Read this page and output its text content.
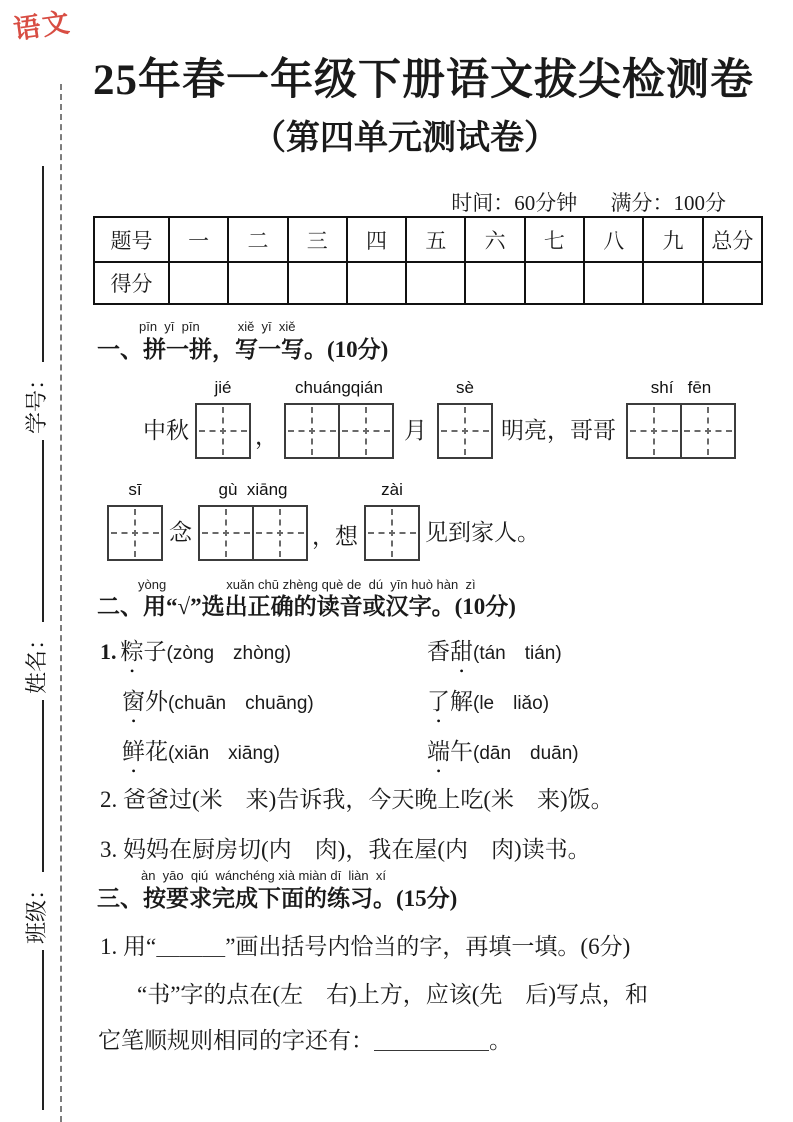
语文
班级：姓名：学号：
25年春一年级下册语文拔尖检测卷
（第四单元测试卷）
时间：60分钟 满分：100分
题号	一	二	三	四	五	六	七	八	九	总分
得分										
pīn  yī  pīn	xiě  yī  xiě
一、拼一拼，写一写。(10分)
中秋
jié
，
chuángqián
月
sè
明亮，哥哥
shí   fēn
sī
念
gù  xiāng
，想
zài
见到家人。
yòng	xuǎn chū zhèng què de  dú  yīn huò hàn  zì
二、用“√”选出正确的读音或汉字。(10分)
1. 粽子(zòng　zhòng)	香甜(tán　tián)
窗外(chuān　chuāng)	了解(le　liǎo)
鲜花(xiān　xiāng)	端午(dān　duān)
2. 爸爸过(米　来)告诉我，今天晚上吃(米　来)饭。
3. 妈妈在厨房切(内　肉)，我在屋(内　肉)读书。
àn  yāo  qiú  wánchéng xià miàn dī  liàn  xí
三、按要求完成下面的练习。(15分)
1. 用“＿＿＿”画出括号内恰当的字，再填一填。(6分)
“书”字的点在(左　右)上方，应该(先　后)写点，和
它笔顺规则相同的字还有：＿＿＿＿＿。
